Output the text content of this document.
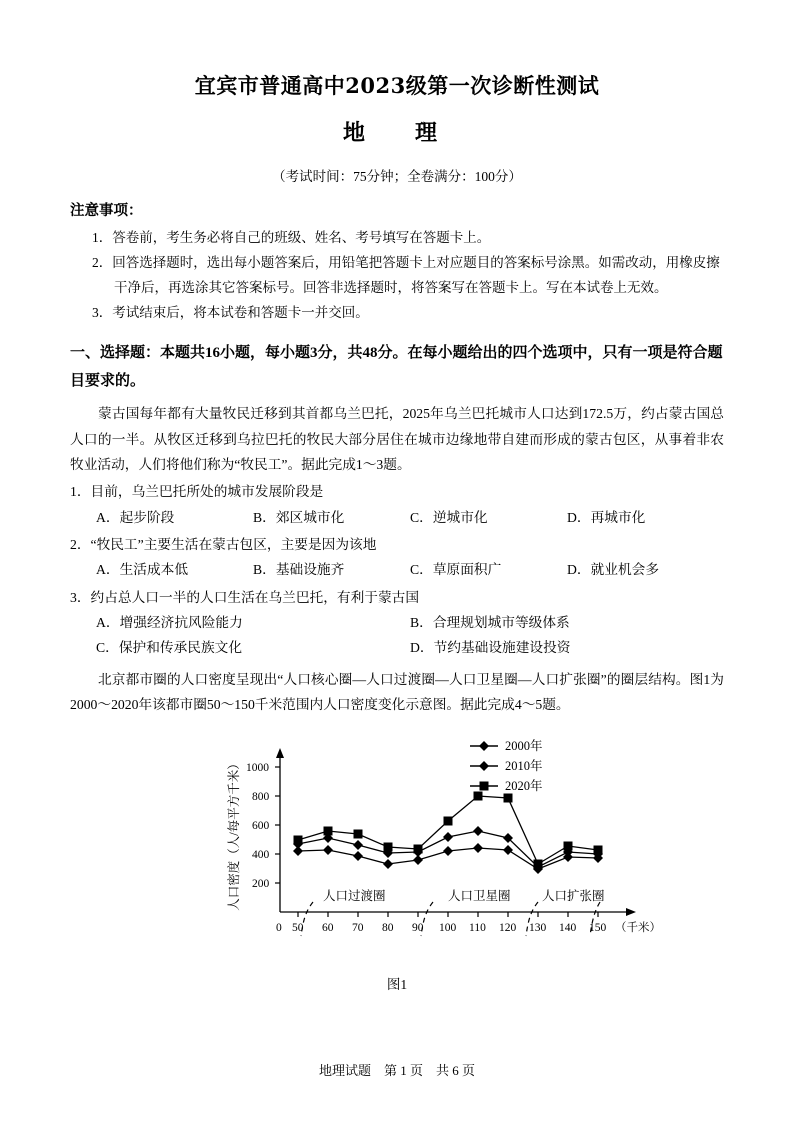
宜宾市普通高中2023级第一次诊断性测试
地　理
（考试时间：75分钟；全卷满分：100分）
注意事项：
1．答卷前，考生务必将自己的班级、姓名、考号填写在答题卡上。
2．回答选择题时，选出每小题答案后，用铅笔把答题卡上对应题目的答案标号涂黑。如需改动，用橡皮擦干净后，再选涂其它答案标号。回答非选择题时，将答案写在答题卡上。写在本试卷上无效。
3．考试结束后，将本试卷和答题卡一并交回。
一、选择题：本题共16小题，每小题3分，共48分。在每小题给出的四个选项中，只有一项是符合题目要求的。
蒙古国每年都有大量牧民迁移到其首都乌兰巴托，2025年乌兰巴托城市人口达到172.5万，约占蒙古国总人口的一半。从牧区迁移到乌拉巴托的牧民大部分居住在城市边缘地带自建而形成的蒙古包区，从事着非农牧业活动，人们将他们称为“牧民工”。据此完成1～3题。
1．目前，乌兰巴托所处的城市发展阶段是
A．起步阶段	B．郊区城市化	C．逆城市化	D．再城市化
2．“牧民工”主要生活在蒙古包区，主要是因为该地
A．生活成本低	B．基础设施齐	C．草原面积广	D．就业机会多
3．约占总人口一半的人口生活在乌兰巴托，有利于蒙古国
A．增强经济抗风险能力	B．合理规划城市等级体系
C．保护和传承民族文化	D．节约基础设施建设投资
北京都市圈的人口密度呈现出“人口核心圈—人口过渡圈—人口卫星圈—人口扩张圈”的圈层结构。图1为2000～2020年该都市圈50～150千米范围内人口密度变化示意图。据此完成4～5题。
2000年
2010年
2020年
1000
800
600
400
200
0 50 60 70 80 90 100 110 120 130 140 150 （千米）
人口密度（人/每平方千米）	人口过渡圈	人口卫星圈	人口扩张圈
图1
地理试题　第 1 页　共 6 页
